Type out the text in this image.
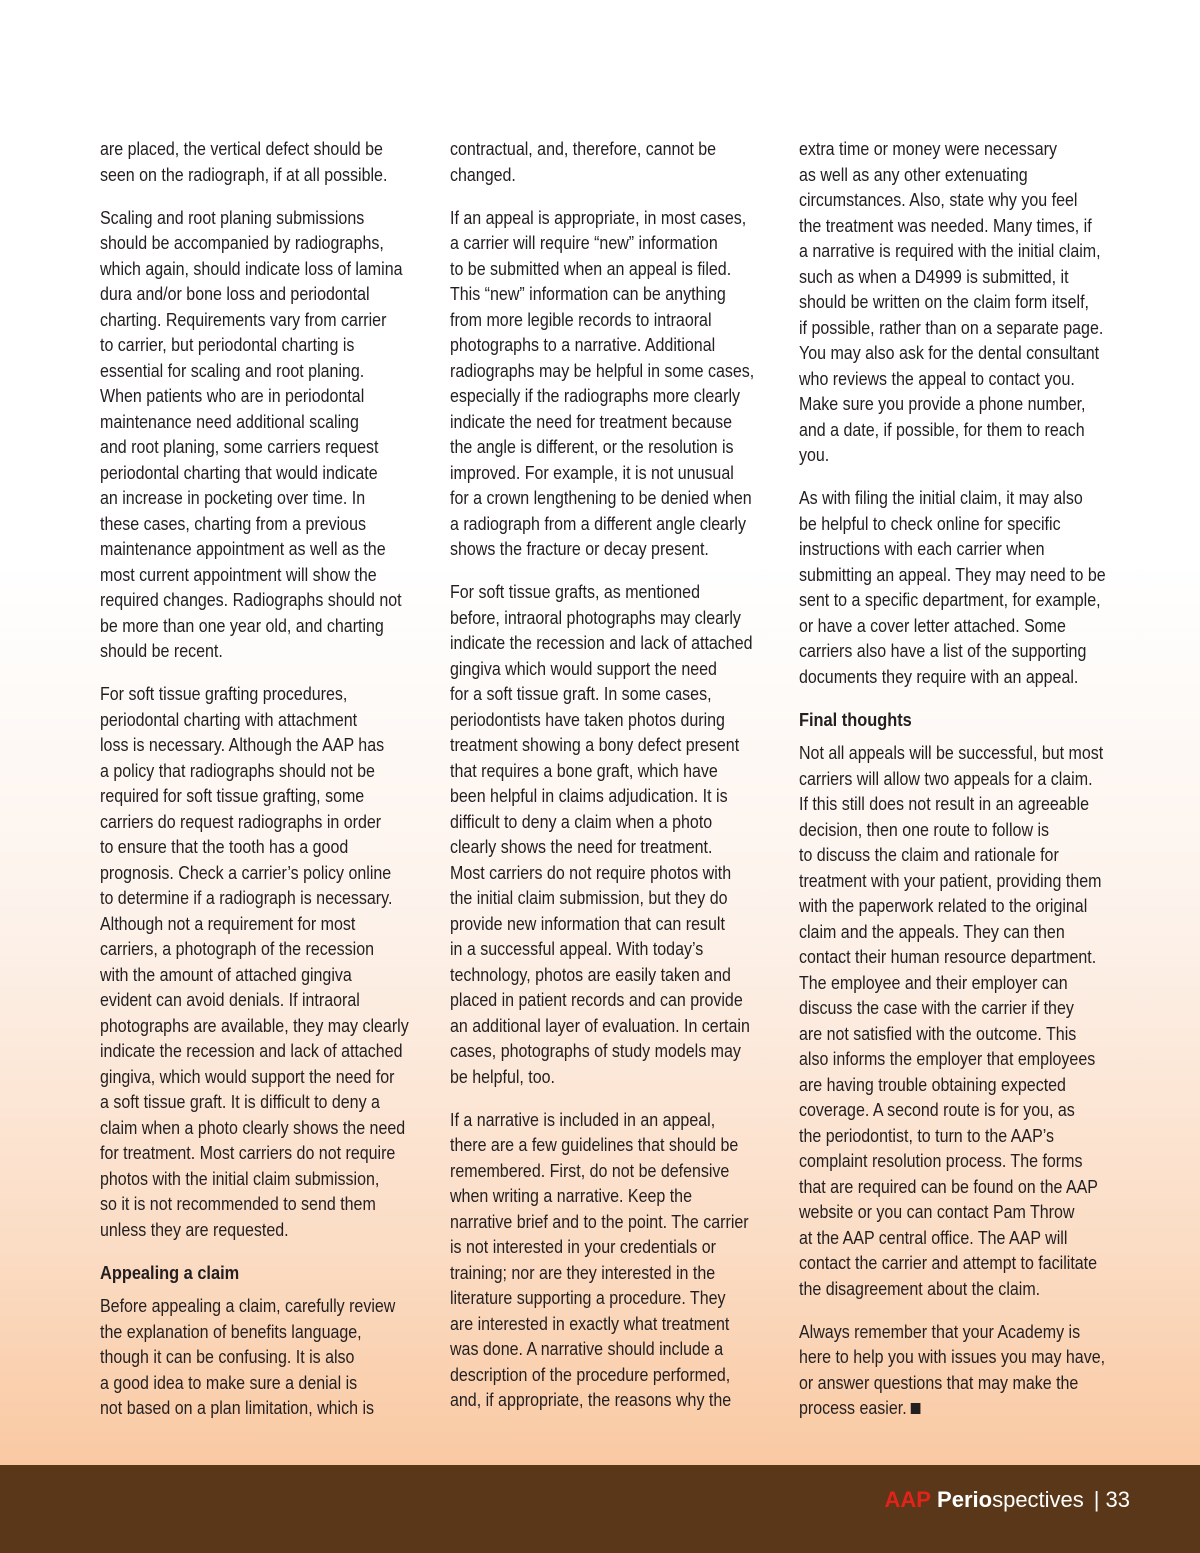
are placed, the vertical defect should be
seen on the radiograph, if at all possible.
Scaling and root planing submissions
should be accompanied by radiographs,
which again, should indicate loss of lamina
dura and/or bone loss and periodontal
charting. Requirements vary from carrier
to carrier, but periodontal charting is
essential for scaling and root planing.
When patients who are in periodontal
maintenance need additional scaling
and root planing, some carriers request
periodontal charting that would indicate
an increase in pocketing over time. In
these cases, charting from a previous
maintenance appointment as well as the
most current appointment will show the
required changes. Radiographs should not
be more than one year old, and charting
should be recent.
For soft tissue grafting procedures,
periodontal charting with attachment
loss is necessary. Although the AAP has
a policy that radiographs should not be
required for soft tissue grafting, some
carriers do request radiographs in order
to ensure that the tooth has a good
prognosis. Check a carrier’s policy online
to determine if a radiograph is necessary.
Although not a requirement for most
carriers, a photograph of the recession
with the amount of attached gingiva
evident can avoid denials. If intraoral
photographs are available, they may clearly
indicate the recession and lack of attached
gingiva, which would support the need for
a soft tissue graft. It is difficult to deny a
claim when a photo clearly shows the need
for treatment. Most carriers do not require
photos with the initial claim submission,
so it is not recommended to send them
unless they are requested.
Appealing a claim
Before appealing a claim, carefully review
the explanation of benefits language,
though it can be confusing. It is also
a good idea to make sure a denial is
not based on a plan limitation, which is
contractual, and, therefore, cannot be
changed.
If an appeal is appropriate, in most cases,
a carrier will require “new” information
to be submitted when an appeal is filed.
This “new” information can be anything
from more legible records to intraoral
photographs to a narrative. Additional
radiographs may be helpful in some cases,
especially if the radiographs more clearly
indicate the need for treatment because
the angle is different, or the resolution is
improved. For example, it is not unusual
for a crown lengthening to be denied when
a radiograph from a different angle clearly
shows the fracture or decay present.
For soft tissue grafts, as mentioned
before, intraoral photographs may clearly
indicate the recession and lack of attached
gingiva which would support the need
for a soft tissue graft. In some cases,
periodontists have taken photos during
treatment showing a bony defect present
that requires a bone graft, which have
been helpful in claims adjudication. It is
difficult to deny a claim when a photo
clearly shows the need for treatment.
Most carriers do not require photos with
the initial claim submission, but they do
provide new information that can result
in a successful appeal. With today’s
technology, photos are easily taken and
placed in patient records and can provide
an additional layer of evaluation. In certain
cases, photographs of study models may
be helpful, too.
If a narrative is included in an appeal,
there are a few guidelines that should be
remembered. First, do not be defensive
when writing a narrative. Keep the
narrative brief and to the point. The carrier
is not interested in your credentials or
training; nor are they interested in the
literature supporting a procedure. They
are interested in exactly what treatment
was done. A narrative should include a
description of the procedure performed,
and, if appropriate, the reasons why the
extra time or money were necessary
as well as any other extenuating
circumstances. Also, state why you feel
the treatment was needed. Many times, if
a narrative is required with the initial claim,
such as when a D4999 is submitted, it
should be written on the claim form itself,
if possible, rather than on a separate page.
You may also ask for the dental consultant
who reviews the appeal to contact you.
Make sure you provide a phone number,
and a date, if possible, for them to reach
you.
As with filing the initial claim, it may also
be helpful to check online for specific
instructions with each carrier when
submitting an appeal. They may need to be
sent to a specific department, for example,
or have a cover letter attached. Some
carriers also have a list of the supporting
documents they require with an appeal.
Final thoughts
Not all appeals will be successful, but most
carriers will allow two appeals for a claim.
If this still does not result in an agreeable
decision, then one route to follow is
to discuss the claim and rationale for
treatment with your patient, providing them
with the paperwork related to the original
claim and the appeals. They can then
contact their human resource department.
The employee and their employer can
discuss the case with the carrier if they
are not satisfied with the outcome. This
also informs the employer that employees
are having trouble obtaining expected
coverage. A second route is for you, as
the periodontist, to turn to the AAP’s
complaint resolution process. The forms
that are required can be found on the AAP
website or you can contact Pam Throw
at the AAP central office. The AAP will
contact the carrier and attempt to facilitate
the disagreement about the claim.
Always remember that your Academy is
here to help you with issues you may have,
or answer questions that may make the
process easier.
AAP Periospectives | 33
